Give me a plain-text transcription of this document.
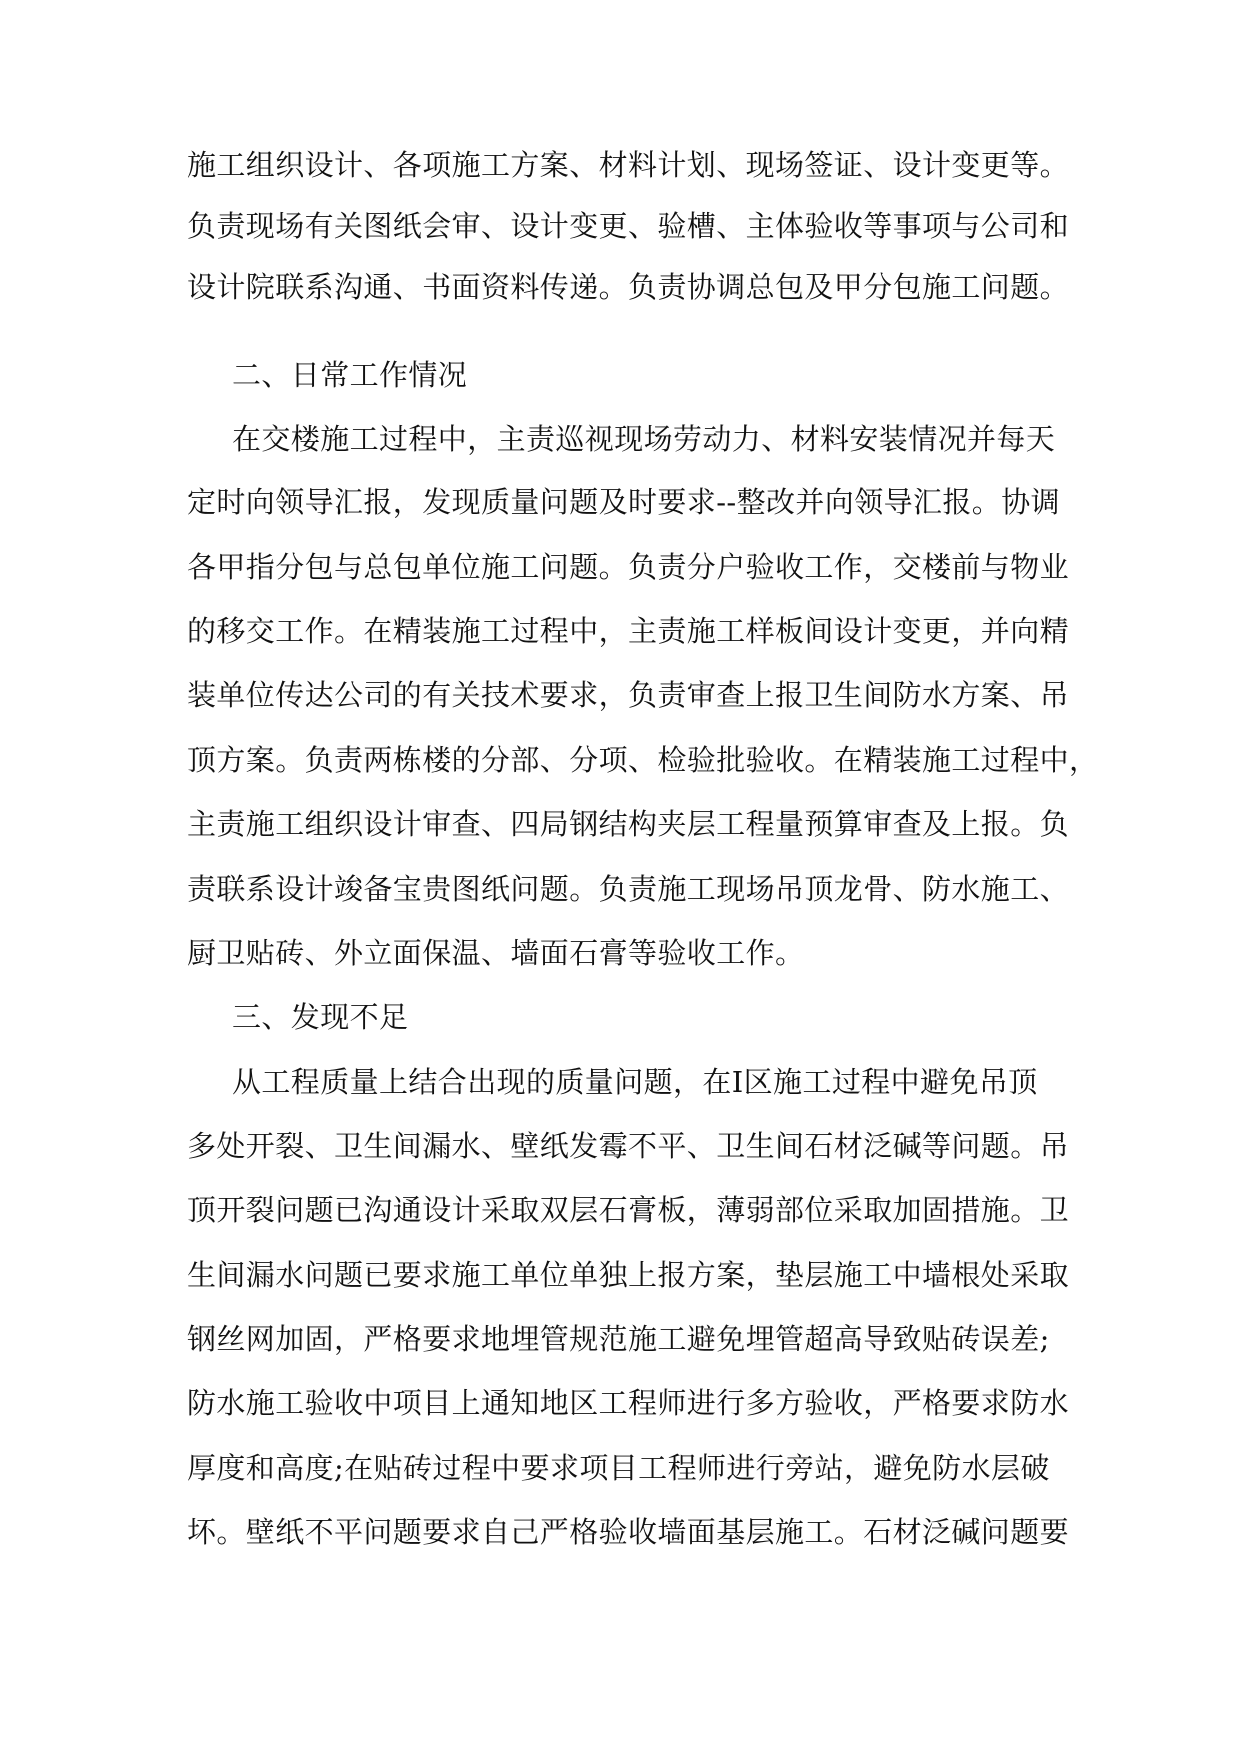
施工组织设计、各项施工方案、材料计划、现场签证、设计变更等。
负责现场有关图纸会审、设计变更、验槽、主体验收等事项与公司和
设计院联系沟通、书面资料传递。负责协调总包及甲分包施工问题。
二、日常工作情况
在交楼施工过程中，主责巡视现场劳动力、材料安装情况并每天
定时向领导汇报，发现质量问题及时要求--整改并向领导汇报。协调
各甲指分包与总包单位施工问题。负责分户验收工作，交楼前与物业
的移交工作。在精装施工过程中，主责施工样板间设计变更，并向精
装单位传达公司的有关技术要求，负责审查上报卫生间防水方案、吊
顶方案。负责两栋楼的分部、分项、检验批验收。在精装施工过程中，
主责施工组织设计审查、四局钢结构夹层工程量预算审查及上报。负
责联系设计竣备宝贵图纸问题。负责施工现场吊顶龙骨、防水施工、
厨卫贴砖、外立面保温、墙面石膏等验收工作。
三、发现不足
从工程质量上结合出现的质量问题，在Ⅰ区施工过程中避免吊顶
多处开裂、卫生间漏水、壁纸发霉不平、卫生间石材泛碱等问题。吊
顶开裂问题已沟通设计采取双层石膏板，薄弱部位采取加固措施。卫
生间漏水问题已要求施工单位单独上报方案，垫层施工中墙根处采取
钢丝网加固，严格要求地埋管规范施工避免埋管超高导致贴砖误差;
防水施工验收中项目上通知地区工程师进行多方验收，严格要求防水
厚度和高度;在贴砖过程中要求项目工程师进行旁站，避免防水层破
坏。壁纸不平问题要求自己严格验收墙面基层施工。石材泛碱问题要
